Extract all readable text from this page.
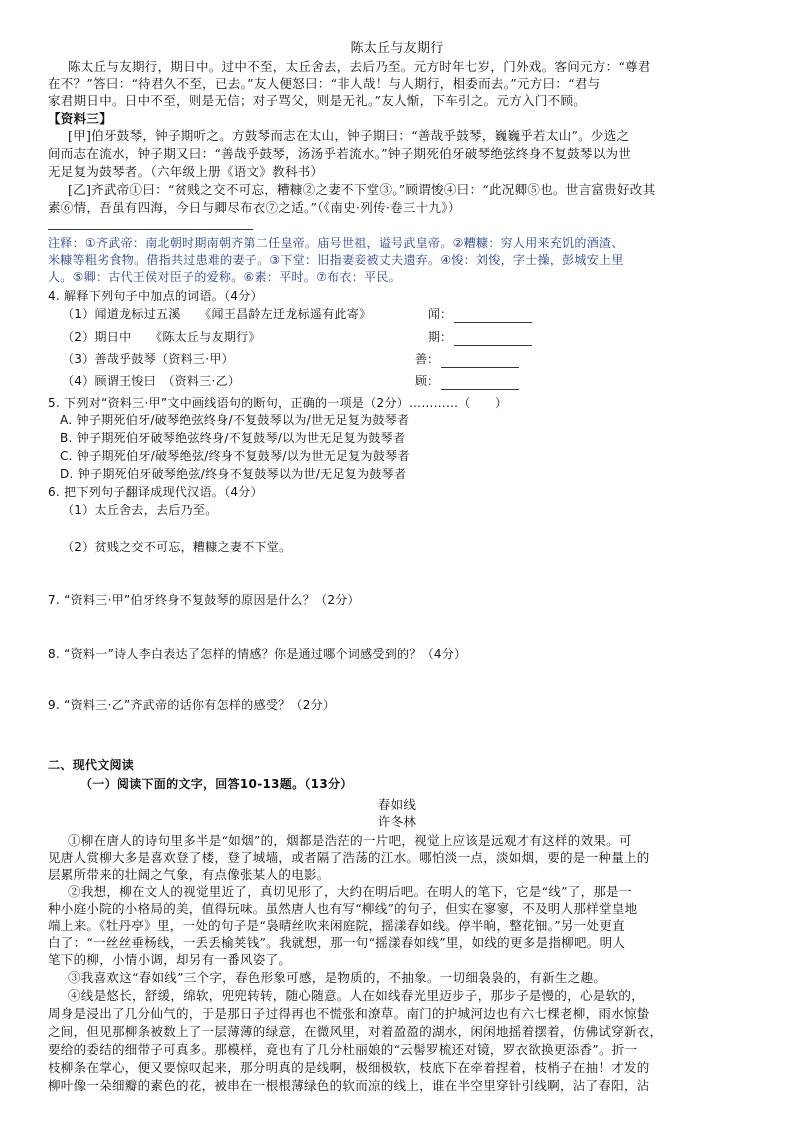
陈太丘与友期行
陈太丘与友期行，期日中。过中不至，太丘舍去，去后乃至。元方时年七岁，门外戏。客问元方：“尊君
在不？”答曰：“待君久不至，已去。”友人便怒曰：“非人哉！与人期行，相委而去。”元方曰：“君与
家君期日中。日中不至，则是无信；对子骂父，则是无礼。”友人惭，下车引之。元方入门不顾。
【资料三】
[甲]伯牙鼓琴，钟子期听之。方鼓琴而志在太山，钟子期曰：“善哉乎鼓琴，巍巍乎若太山”。少选之
间而志在流水，钟子期又曰：“善哉乎鼓琴，汤汤乎若流水。”钟子期死伯牙破琴绝弦终身不复鼓琴以为世
无足复为鼓琴者。（六年级上册《语文》教科书）
[乙]齐武帝①曰：“贫贱之交不可忘，糟糠②之妻不下堂③。”顾谓悛④曰：“此况卿⑤也。世言富贵好改其
素⑥情，吾虽有四海，今日与卿尽布衣⑦之适。”（《南史·列传·卷三十九》）
注释：①齐武帝：南北朝时期南朝齐第二任皇帝。庙号世祖，谥号武皇帝。②糟糠：穷人用来充饥的酒渣、
米糠等粗劣食物。借指共过患难的妻子。③下堂：旧指妻妾被丈夫遗弃。④悛：刘悛，字士操，彭城安上里
人。⑤卿：古代王侯对臣子的爱称。⑥素：平时。⑦布衣：平民。
4. 解释下列句子中加点的词语。（4分）
（1）闻道龙标过五溪　　《闻王昌龄左迁龙标遥有此寄》	闻：
（2）期日中　　《陈太丘与友期行》	期：
（3）善哉乎鼓琴（资料三·甲）	善：
（4）顾谓王悛曰　（资料三·乙）	顾：
5. 下列对“资料三·甲”文中画线语句的断句，正确的一项是（2分）…………（　　）
A. 钟子期死伯牙/破琴绝弦终身/不复鼓琴以为/世无足复为鼓琴者
B. 钟子期死伯牙破琴绝弦终身/不复鼓琴/以为世无足复为鼓琴者
C. 钟子期死伯牙/破琴绝弦/终身不复鼓琴/以为世无足复为鼓琴者
D. 钟子期死伯牙破琴绝弦/终身不复鼓琴以为世/无足复为鼓琴者
6. 把下列句子翻译成现代汉语。（4分）
（1）太丘舍去，去后乃至。
（2）贫贱之交不可忘，糟糠之妻不下堂。
7. “资料三·甲”伯牙终身不复鼓琴的原因是什么？（2分）
8. “资料一”诗人李白表达了怎样的情感？你是通过哪个词感受到的？（4分）
9. “资料三·乙”齐武帝的话你有怎样的感受？（2分）
二、现代文阅读
（一）阅读下面的文字，回答10-13题。（13分）
春如线
许冬林
①柳在唐人的诗句里多半是“如烟”的，烟都是浩茫的一片吧，视觉上应该是远观才有这样的效果。可
见唐人赏柳大多是喜欢登了楼，登了城墙，或者隔了浩荡的江水。哪怕淡一点，淡如烟，要的是一种量上的
层累所带来的壮阔之气象，有点像张某人的电影。
②我想，柳在文人的视觉里近了，真切见形了，大约在明后吧。在明人的笔下，它是“线”了，那是一
种小庭小院的小格局的美，值得玩味。虽然唐人也有写“柳线”的句子，但实在寥寥，不及明人那样堂皇地
端上来。《牡丹亭》里，一处的句子是“袅晴丝吹来闲庭院，摇漾春如线。停半晌，整花钿。”另一处更直
白了：“一丝丝垂杨线，一丢丢榆荚钱”。我就想，那一句“摇漾春如线”里，如线的更多是指柳吧。明人
笔下的柳，小情小调，却另有一番风姿了。
③我喜欢这“春如线”三个字，春色形象可感，是物质的，不抽象。一切细袅袅的，有新生之趣。
④线是悠长，舒缓，绵软，兜兜转转，随心随意。人在如线春光里迈步子，那步子是慢的，心是软的，
周身是浸出了几分仙气的，于是那日子过得再也不慌张和潦草。南门的护城河边也有六七棵老柳，雨水惊蛰
之间，但见那柳条被数上了一层薄薄的绿意，在微风里，对着盈盈的湖水，闲闲地摇着摆着，仿佛试穿新衣，
要给的委结的细带子可真多。那模样，竟也有了几分杜丽娘的“云髻罗梳还对镜，罗衣欲换更添香”。折一
枝柳条在掌心，便又要惊叹起来，那分明真的是线啊，极细极软，枝底下在牵着捏着，枝梢子在抽！才发的
柳叶像一朵细瓣的素色的花，被串在一根根薄绿色的软而凉的线上，谁在半空里穿针引线啊，沾了春阳，沾
